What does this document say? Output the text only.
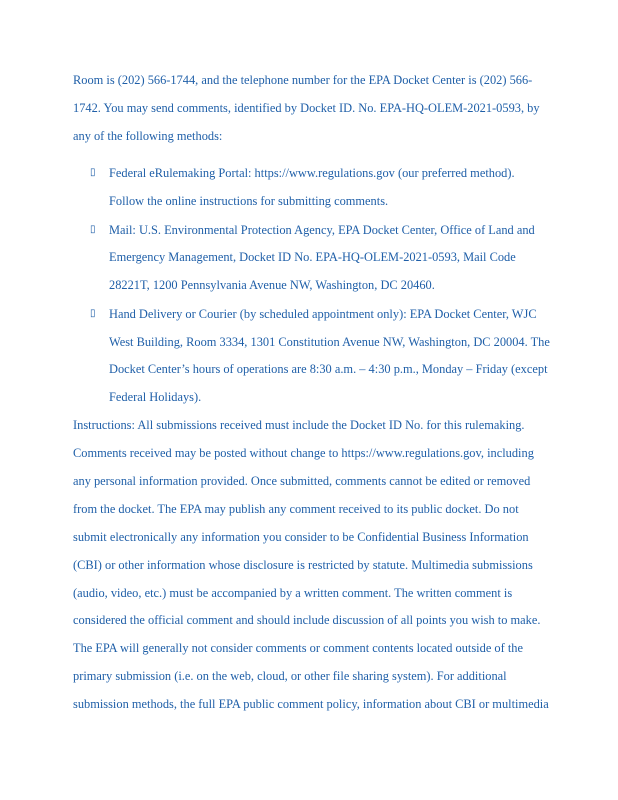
Room is (202) 566-1744, and the telephone number for the EPA Docket Center is (202) 566-
1742. You may send comments, identified by Docket ID. No. EPA-HQ-OLEM-2021-0593, by
any of the following methods:
▯ Federal eRulemaking Portal: https://www.regulations.gov (our preferred method).
Follow the online instructions for submitting comments.
▯ Mail: U.S. Environmental Protection Agency, EPA Docket Center, Office of Land and
Emergency Management, Docket ID No. EPA-HQ-OLEM-2021-0593, Mail Code
28221T, 1200 Pennsylvania Avenue NW, Washington, DC 20460.
▯ Hand Delivery or Courier (by scheduled appointment only): EPA Docket Center, WJC
West Building, Room 3334, 1301 Constitution Avenue NW, Washington, DC 20004. The
Docket Center’s hours of operations are 8:30 a.m. – 4:30 p.m., Monday – Friday (except
Federal Holidays).
Instructions: All submissions received must include the Docket ID No. for this rulemaking.
Comments received may be posted without change to https://www.regulations.gov, including
any personal information provided. Once submitted, comments cannot be edited or removed
from the docket. The EPA may publish any comment received to its public docket. Do not
submit electronically any information you consider to be Confidential Business Information
(CBI) or other information whose disclosure is restricted by statute. Multimedia submissions
(audio, video, etc.) must be accompanied by a written comment. The written comment is
considered the official comment and should include discussion of all points you wish to make.
The EPA will generally not consider comments or comment contents located outside of the
primary submission (i.e. on the web, cloud, or other file sharing system). For additional
submission methods, the full EPA public comment policy, information about CBI or multimedia
